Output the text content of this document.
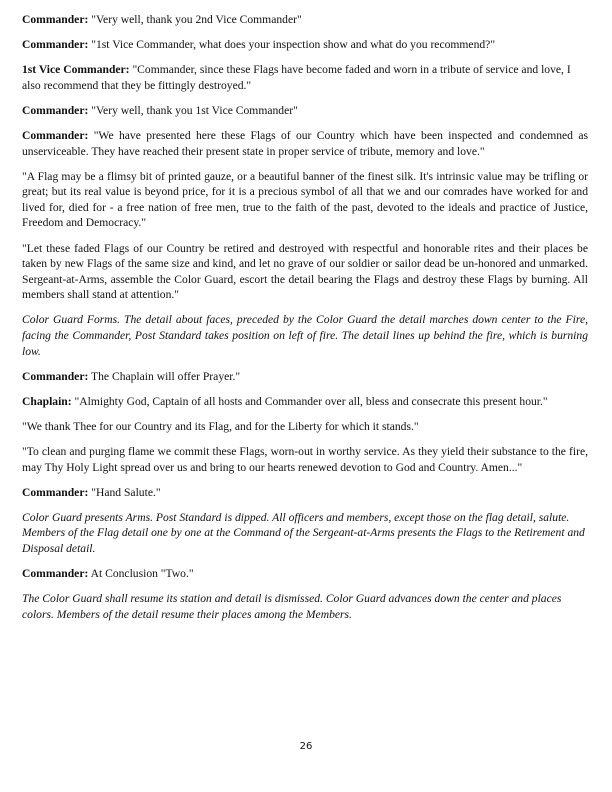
Commander: "Very well, thank you 2nd Vice Commander"

Commander: "1st Vice Commander, what does your inspection show and what do you recommend?"

1st Vice Commander: "Commander, since these Flags have become faded and worn in a tribute of service and love, I also recommend that they be fittingly destroyed."

Commander: "Very well, thank you 1st Vice Commander"

Commander: "We have presented here these Flags of our Country which have been inspected and condemned as unserviceable. They have reached their present state in proper service of tribute, memory and love."

"A Flag may be a flimsy bit of printed gauze, or a beautiful banner of the finest silk. It's intrinsic value may be trifling or great; but its real value is beyond price, for it is a precious symbol of all that we and our comrades have worked for and lived for, died for - a free nation of free men, true to the faith of the past, devoted to the ideals and practice of Justice, Freedom and Democracy."

"Let these faded Flags of our Country be retired and destroyed with respectful and honorable rites and their places be taken by new Flags of the same size and kind, and let no grave of our soldier or sailor dead be un-honored and unmarked. Sergeant-at-Arms, assemble the Color Guard, escort the detail bearing the Flags and destroy these Flags by burning. All members shall stand at attention."

Color Guard Forms. The detail about faces, preceded by the Color Guard the detail marches down center to the Fire, facing the Commander, Post Standard takes position on left of fire. The detail lines up behind the fire, which is burning low.

Commander: The Chaplain will offer Prayer."

Chaplain: "Almighty God, Captain of all hosts and Commander over all, bless and consecrate this present hour."

"We thank Thee for our Country and its Flag, and for the Liberty for which it stands."

"To clean and purging flame we commit these Flags, worn-out in worthy service. As they yield their substance to the fire, may Thy Holy Light spread over us and bring to our hearts renewed devotion to God and Country. Amen..."

Commander: "Hand Salute."

Color Guard presents Arms. Post Standard is dipped. All officers and members, except those on the flag detail, salute. Members of the Flag detail one by one at the Command of the Sergeant-at-Arms presents the Flags to the Retirement and Disposal detail.

Commander: At Conclusion "Two."

The Color Guard shall resume its station and detail is dismissed. Color Guard advances down the center and places colors. Members of the detail resume their places among the Members.

26
